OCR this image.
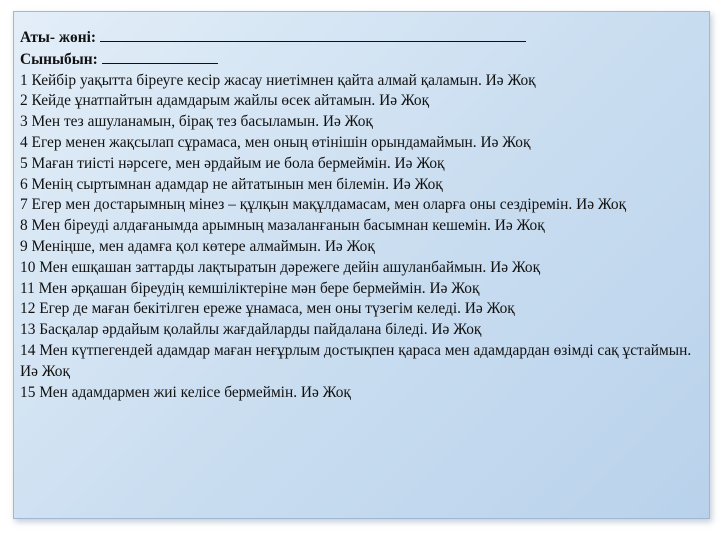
Аты- жөні:
Сыныбын:
1 Кейбір уақытта біреуге кесір жасау ниетімнен қайта алмай қаламын. Иә Жоқ
2 Кейде ұнатпайтын адамдарым жайлы өсек айтамын. Иә Жоқ
3 Мен тез ашуланамын, бірақ тез басыламын. Иә Жоқ
4 Егер менен жақсылап сұрамаса, мен оның өтінішін орындамаймын. Иә Жоқ
5 Маған тиісті нәрсеге, мен әрдайым ие бола бермеймін. Иә Жоқ
6 Менің сыртымнан адамдар не айтатынын мен білемін. Иә Жоқ
7 Егер мен достарымның мінез – құлқын мақұлдамасам, мен оларға оны сездіремін. Иә Жоқ
8 Мен біреуді алдағанымда арымның мазаланғанын басымнан кешемін. Иә Жоқ
9 Меніңше, мен адамға қол көтере алмаймын. Иә Жоқ
10 Мен ешқашан заттарды лақтыратын дәрежеге дейін ашуланбаймын. Иә Жоқ
11 Мен әрқашан біреудің кемшіліктеріне мән бере бермеймін. Иә Жоқ
12 Егер де маған бекітілген ереже ұнамаса, мен оны түзегім келеді. Иә Жоқ
13 Басқалар әрдайым қолайлы жағдайларды пайдалана біледі. Иә Жоқ
14 Мен күтпегендей адамдар маған неғұрлым достықпен қараса мен адамдардан өзімді сақ ұстаймын. Иә Жоқ
15 Мен адамдармен жиі келісе бермеймін. Иә Жоқ
